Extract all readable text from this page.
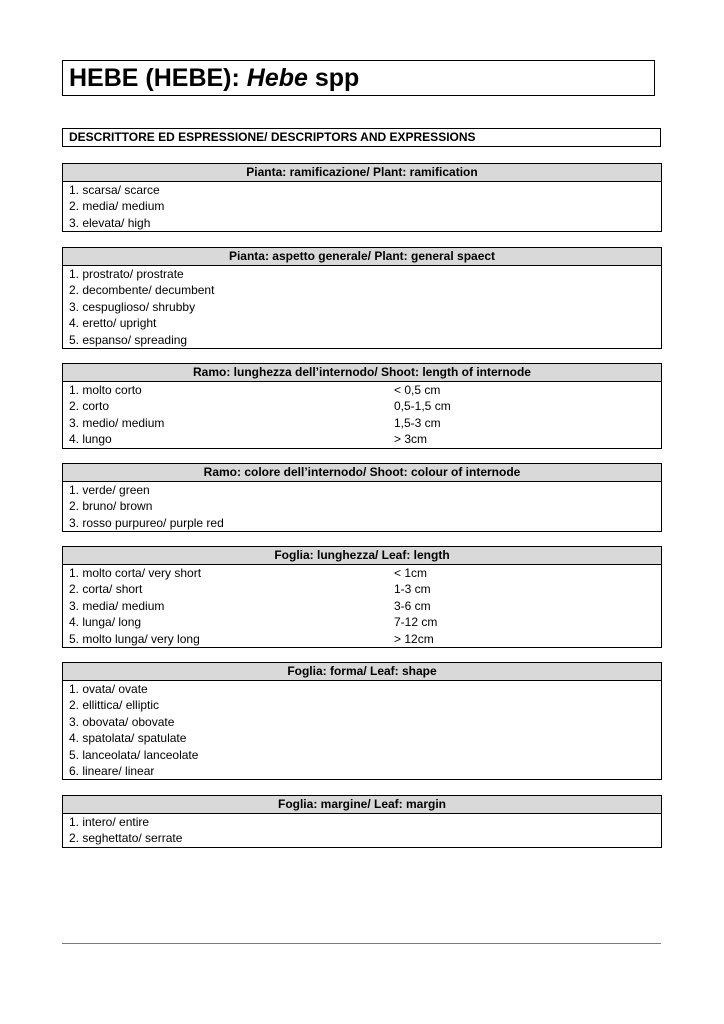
HEBE (HEBE): Hebe spp
DESCRITTORE ED ESPRESSIONE/ DESCRIPTORS AND EXPRESSIONS
Pianta: ramificazione/ Plant: ramification
1. scarsa/ scarce
2. media/ medium
3. elevata/ high
Pianta: aspetto generale/ Plant: general spaect
1. prostrato/ prostrate
2. decombente/ decumbent
3. cespuglioso/ shrubby
4. eretto/ upright
5. espanso/ spreading
Ramo: lunghezza dell’internodo/ Shoot: length of internode
1. molto corto	< 0,5 cm
2. corto	0,5-1,5 cm
3. medio/ medium	1,5-3 cm
4. lungo	> 3cm
Ramo: colore dell’internodo/ Shoot: colour of internode
1. verde/ green
2. bruno/ brown
3. rosso purpureo/ purple red
Foglia: lunghezza/ Leaf: length
1. molto corta/ very short	< 1cm
2. corta/ short	1-3 cm
3. media/ medium	3-6 cm
4. lunga/ long	7-12 cm
5. molto lunga/ very long	> 12cm
Foglia: forma/ Leaf: shape
1. ovata/ ovate
2. ellittica/ elliptic
3. obovata/ obovate
4. spatolata/ spatulate
5. lanceolata/ lanceolate
6. lineare/ linear
Foglia: margine/ Leaf: margin
1. intero/ entire
2. seghettato/ serrate
